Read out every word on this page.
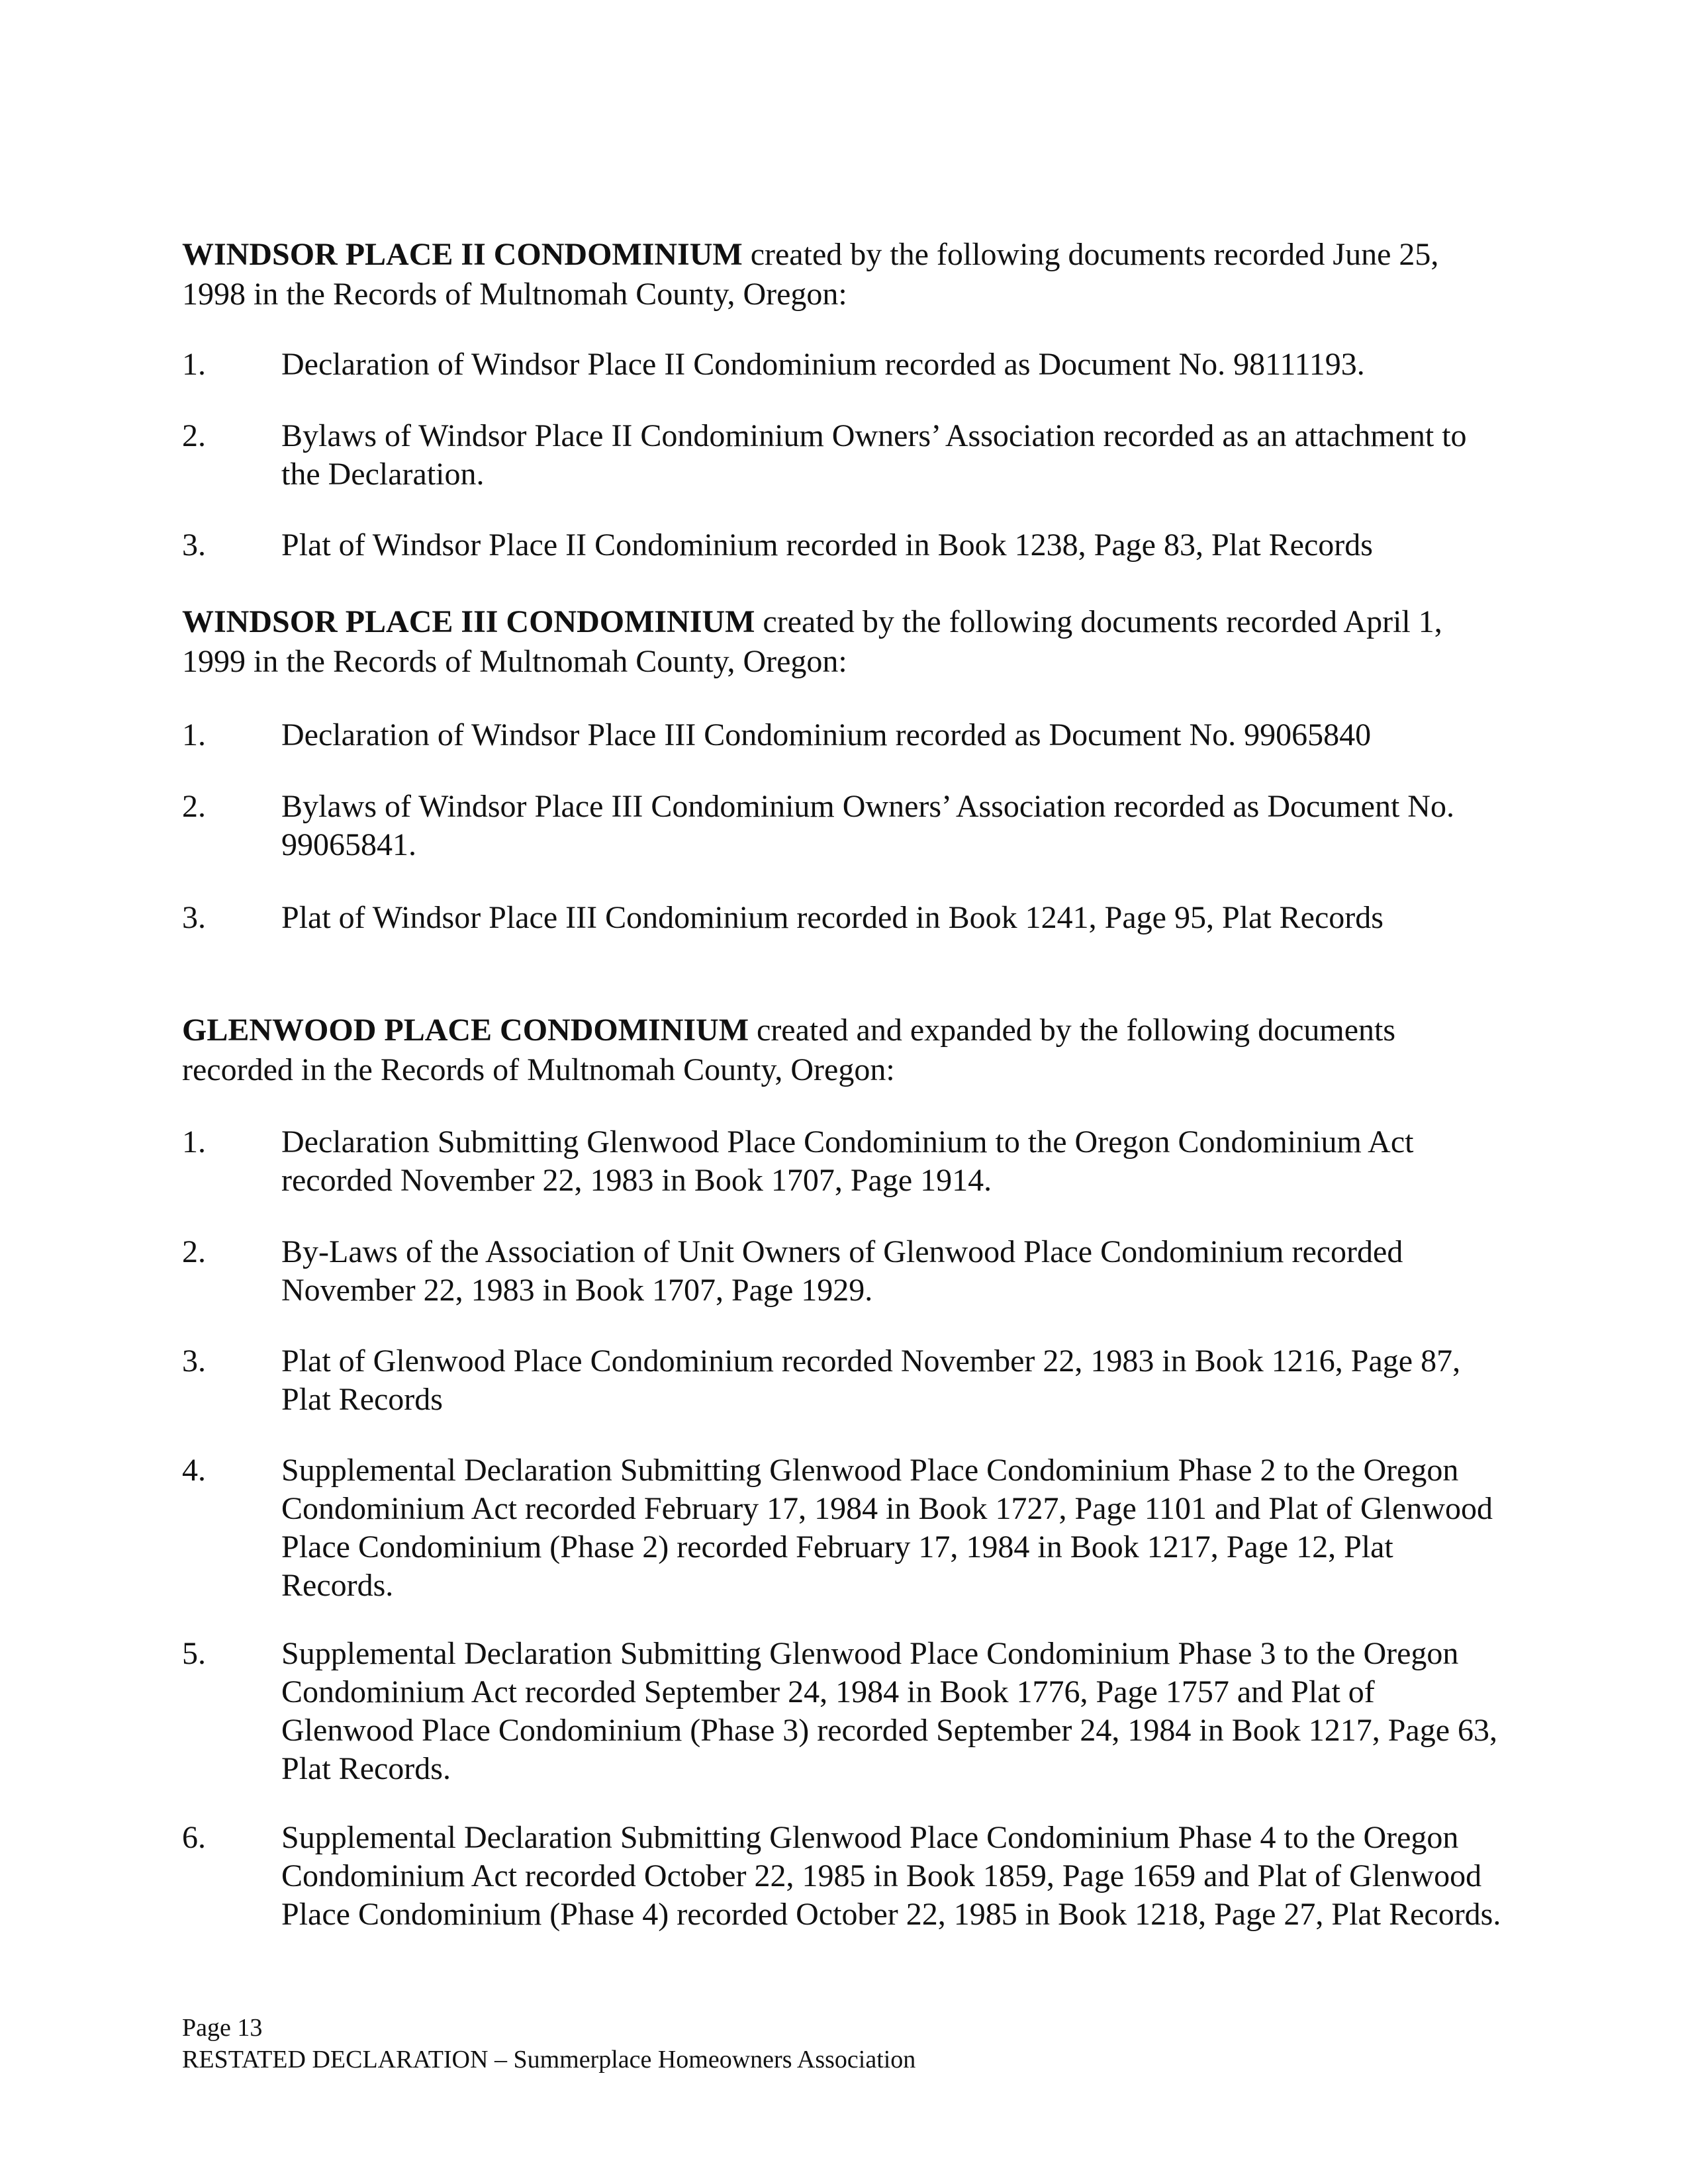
WINDSOR PLACE II CONDOMINIUM created by the following documents recorded June 25, 1998 in the Records of Multnomah County, Oregon:
1. Declaration of Windsor Place II Condominium recorded as Document No. 98111193.
2. Bylaws of Windsor Place II Condominium Owners’ Association recorded as an attachment to the Declaration.
3. Plat of Windsor Place II Condominium recorded in Book 1238, Page 83, Plat Records
WINDSOR PLACE III CONDOMINIUM created by the following documents recorded April 1, 1999 in the Records of Multnomah County, Oregon:
1. Declaration of Windsor Place III Condominium recorded as Document No. 99065840
2. Bylaws of Windsor Place III Condominium Owners’ Association recorded as Document No. 99065841.
3. Plat of Windsor Place III Condominium recorded in Book 1241, Page 95, Plat Records
GLENWOOD PLACE CONDOMINIUM created and expanded by the following documents recorded in the Records of Multnomah County, Oregon:
1. Declaration Submitting Glenwood Place Condominium to the Oregon Condominium Act recorded November 22, 1983 in Book 1707, Page 1914.
2. By-Laws of the Association of Unit Owners of Glenwood Place Condominium recorded November 22, 1983 in Book 1707, Page 1929.
3. Plat of Glenwood Place Condominium recorded November 22, 1983 in Book 1216, Page 87, Plat Records
4. Supplemental Declaration Submitting Glenwood Place Condominium Phase 2 to the Oregon Condominium Act recorded February 17, 1984 in Book 1727, Page 1101 and Plat of Glenwood Place Condominium (Phase 2) recorded February 17, 1984 in Book 1217, Page 12, Plat Records.
5. Supplemental Declaration Submitting Glenwood Place Condominium Phase 3 to the Oregon Condominium Act recorded September 24, 1984 in Book 1776, Page 1757 and Plat of Glenwood Place Condominium (Phase 3) recorded September 24, 1984 in Book 1217, Page 63, Plat Records.
6. Supplemental Declaration Submitting Glenwood Place Condominium Phase 4 to the Oregon Condominium Act recorded October 22, 1985 in Book 1859, Page 1659 and Plat of Glenwood Place Condominium (Phase 4) recorded October 22, 1985 in Book 1218, Page 27, Plat Records.
Page 13
RESTATED DECLARATION – Summerplace Homeowners Association
